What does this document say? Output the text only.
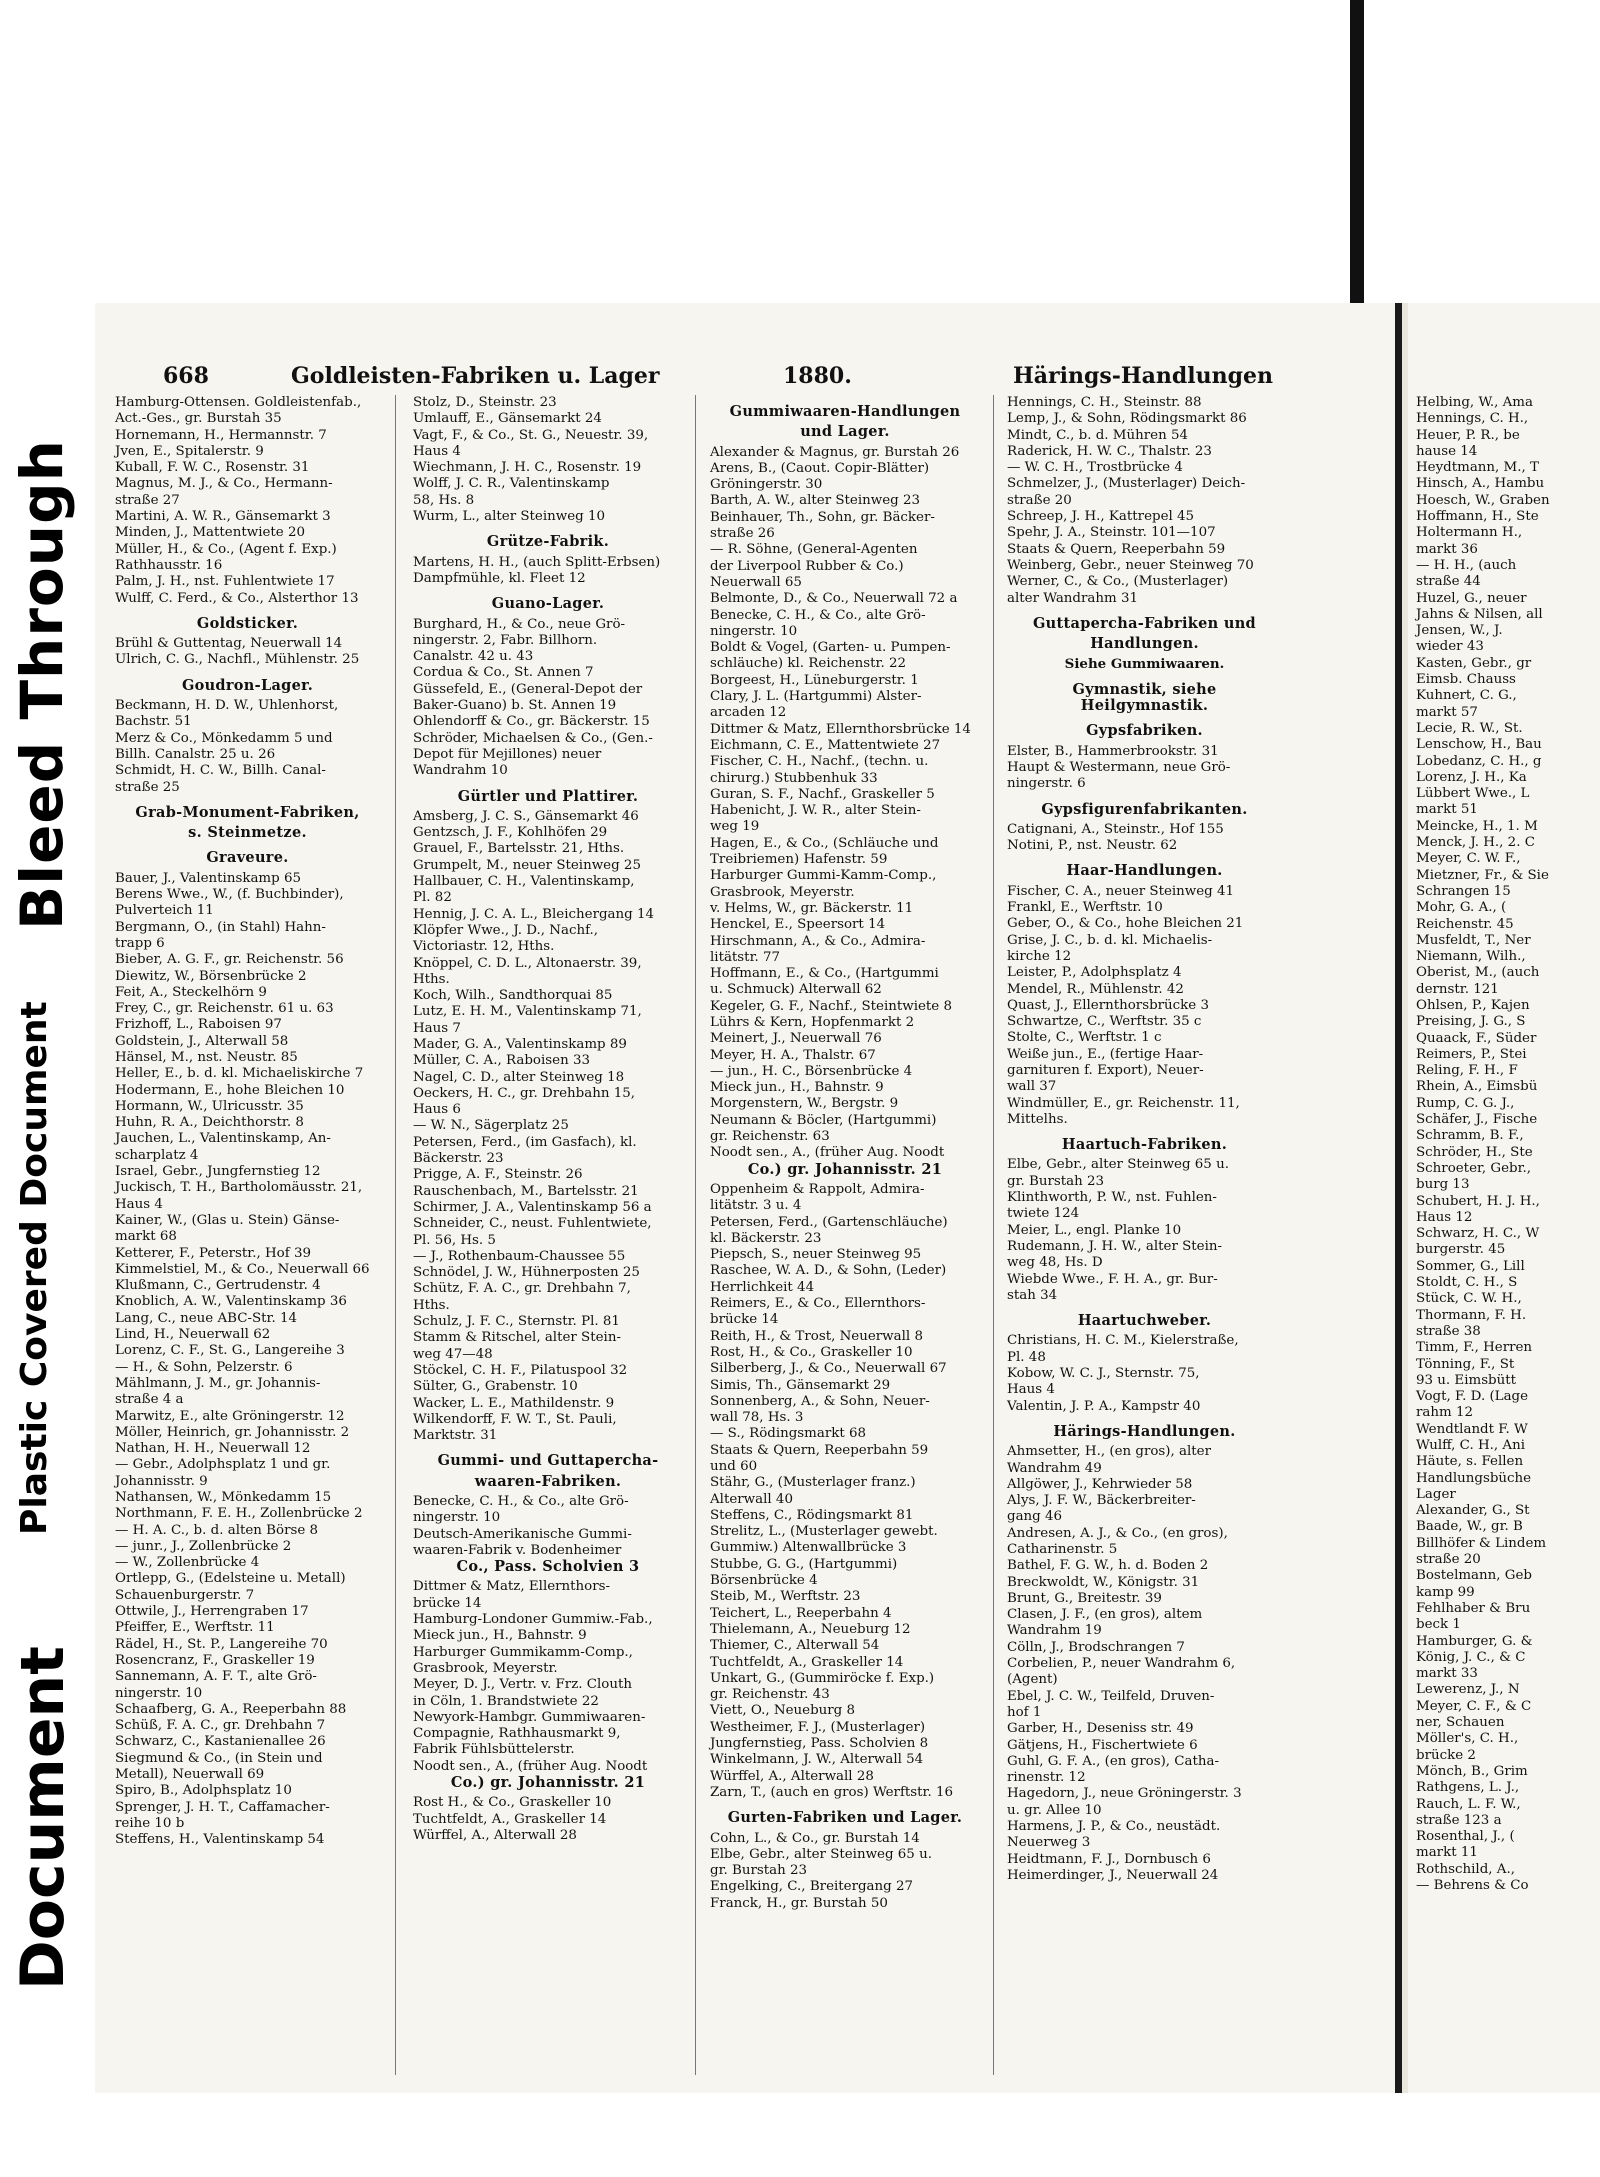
Bleed Through
Plastic Covered Document
Document
668	Goldleisten-Fabriken u. Lager	1880.	Härings-Handlungen
Hamburg-Ottensen. Goldleistenfab.,
Act.-Ges., gr. Burstah 35
Hornemann, H., Hermannstr. 7
Jven, E., Spitalerstr. 9
Kuball, F. W. C., Rosenstr. 31
Magnus, M. J., & Co., Hermann-
straße 27
Martini, A. W. R., Gänsemarkt 3
Minden, J., Mattentwiete 20
Müller, H., & Co., (Agent f. Exp.)
Rathhausstr. 16
Palm, J. H., nst. Fuhlentwiete 17
Wulff, C. Ferd., & Co., Alsterthor 13
Goldsticker.
Brühl & Guttentag, Neuerwall 14
Ulrich, C. G., Nachfl., Mühlenstr. 25
Goudron-Lager.
Beckmann, H. D. W., Uhlenhorst,
Bachstr. 51
Merz & Co., Mönkedamm 5 und
Billh. Canalstr. 25 u. 26
Schmidt, H. C. W., Billh. Canal-
straße 25
Grab-Monument-Fabriken,
s. Steinmetze.
Graveure.
Bauer, J., Valentinskamp 65
Berens Wwe., W., (f. Buchbinder),
Pulverteich 11
Bergmann, O., (in Stahl) Hahn-
trapp 6
Bieber, A. G. F., gr. Reichenstr. 56
Diewitz, W., Börsenbrücke 2
Feit, A., Steckelhörn 9
Frey, C., gr. Reichenstr. 61 u. 63
Frizhoff, L., Raboisen 97
Goldstein, J., Alterwall 58
Hänsel, M., nst. Neustr. 85
Heller, E., b. d. kl. Michaeliskirche 7
Hodermann, E., hohe Bleichen 10
Hormann, W., Ulricusstr. 35
Huhn, R. A., Deichthorstr. 8
Jauchen, L., Valentinskamp, An-
scharplatz 4
Israel, Gebr., Jungfernstieg 12
Juckisch, T. H., Bartholomäusstr. 21,
Haus 4
Kainer, W., (Glas u. Stein) Gänse-
markt 68
Ketterer, F., Peterstr., Hof 39
Kimmelstiel, M., & Co., Neuerwall 66
Klußmann, C., Gertrudenstr. 4
Knoblich, A. W., Valentinskamp 36
Lang, C., neue ABC-Str. 14
Lind, H., Neuerwall 62
Lorenz, C. F., St. G., Langereihe 3
— H., & Sohn, Pelzerstr. 6
Mählmann, J. M., gr. Johannis-
straße 4 a
Marwitz, E., alte Gröningerstr. 12
Möller, Heinrich, gr. Johannisstr. 2
Nathan, H. H., Neuerwall 12
— Gebr., Adolphsplatz 1 und gr.
Johannisstr. 9
Nathansen, W., Mönkedamm 15
Northmann, F. E. H., Zollenbrücke 2
— H. A. C., b. d. alten Börse 8
— junr., J., Zollenbrücke 2
— W., Zollenbrücke 4
Ortlepp, G., (Edelsteine u. Metall)
Schauenburgerstr. 7
Ottwile, J., Herrengraben 17
Pfeiffer, E., Werftstr. 11
Rädel, H., St. P., Langereihe 70
Rosencranz, F., Graskeller 19
Sannemann, A. F. T., alte Grö-
ningerstr. 10
Schaafberg, G. A., Reeperbahn 88
Schüß, F. A. C., gr. Drehbahn 7
Schwarz, C., Kastanienallee 26
Siegmund & Co., (in Stein und
Metall), Neuerwall 69
Spiro, B., Adolphsplatz 10
Sprenger, J. H. T., Caffamacher-
reihe 10 b
Steffens, H., Valentinskamp 54
Stolz, D., Steinstr. 23
Umlauff, E., Gänsemarkt 24
Vagt, F., & Co., St. G., Neuestr. 39,
Haus 4
Wiechmann, J. H. C., Rosenstr. 19
Wolff, J. C. R., Valentinskamp
58, Hs. 8
Wurm, L., alter Steinweg 10
Grütze-Fabrik.
Martens, H. H., (auch Splitt-Erbsen)
Dampfmühle, kl. Fleet 12
Guano-Lager.
Burghard, H., & Co., neue Grö-
ningerstr. 2, Fabr. Billhorn.
Canalstr. 42 u. 43
Cordua & Co., St. Annen 7
Güssefeld, E., (General-Depot der
Baker-Guano) b. St. Annen 19
Ohlendorff & Co., gr. Bäckerstr. 15
Schröder, Michaelsen & Co., (Gen.-
Depot für Mejillones) neuer
Wandrahm 10
Gürtler und Plattirer.
Amsberg, J. C. S., Gänsemarkt 46
Gentzsch, J. F., Kohlhöfen 29
Grauel, F., Bartelsstr. 21, Hths.
Grumpelt, M., neuer Steinweg 25
Hallbauer, C. H., Valentinskamp,
Pl. 82
Hennig, J. C. A. L., Bleichergang 14
Klöpfer Wwe., J. D., Nachf.,
Victoriastr. 12, Hths.
Knöppel, C. D. L., Altonaerstr. 39,
Hths.
Koch, Wilh., Sandthorquai 85
Lutz, E. H. M., Valentinskamp 71,
Haus 7
Mader, G. A., Valentinskamp 89
Müller, C. A., Raboisen 33
Nagel, C. D., alter Steinweg 18
Oeckers, H. C., gr. Drehbahn 15,
Haus 6
— W. N., Sägerplatz 25
Petersen, Ferd., (im Gasfach), kl.
Bäckerstr. 23
Prigge, A. F., Steinstr. 26
Rauschenbach, M., Bartelsstr. 21
Schirmer, J. A., Valentinskamp 56 a
Schneider, C., neust. Fuhlentwiete,
Pl. 56, Hs. 5
— J., Rothenbaum-Chaussee 55
Schnödel, J. W., Hühnerposten 25
Schütz, F. A. C., gr. Drehbahn 7,
Hths.
Schulz, J. F. C., Sternstr. Pl. 81
Stamm & Ritschel, alter Stein-
weg 47—48
Stöckel, C. H. F., Pilatuspool 32
Sülter, G., Grabenstr. 10
Wacker, L. E., Mathildenstr. 9
Wilkendorff, F. W. T., St. Pauli,
Marktstr. 31
Gummi- und Guttapercha-
waaren-Fabriken.
Benecke, C. H., & Co., alte Grö-
ningerstr. 10
Deutsch-Amerikanische Gummi-
waaren-Fabrik v. Bodenheimer
Co., Pass. Scholvien 3
Dittmer & Matz, Ellernthors-
brücke 14
Hamburg-Londoner Gummiw.-Fab.,
Mieck jun., H., Bahnstr. 9
Harburger Gummikamm-Comp.,
Grasbrook, Meyerstr.
Meyer, D. J., Vertr. v. Frz. Clouth
in Cöln, 1. Brandstwiete 22
Newyork-Hambgr. Gummiwaaren-
Compagnie, Rathhausmarkt 9,
Fabrik Fühlsbüttelerstr.
Noodt sen., A., (früher Aug. Noodt
Co.) gr. Johannisstr. 21
Rost H., & Co., Graskeller 10
Tuchtfeldt, A., Graskeller 14
Würffel, A., Alterwall 28
Gummiwaaren-Handlungen
und Lager.
Alexander & Magnus, gr. Burstah 26
Arens, B., (Caout. Copir-Blätter)
Gröningerstr. 30
Barth, A. W., alter Steinweg 23
Beinhauer, Th., Sohn, gr. Bäcker-
straße 26
— R. Söhne, (General-Agenten
der Liverpool Rubber & Co.)
Neuerwall 65
Belmonte, D., & Co., Neuerwall 72 a
Benecke, C. H., & Co., alte Grö-
ningerstr. 10
Boldt & Vogel, (Garten- u. Pumpen-
schläuche) kl. Reichenstr. 22
Borgeest, H., Lüneburgerstr. 1
Clary, J. L. (Hartgummi) Alster-
arcaden 12
Dittmer & Matz, Ellernthorsbrücke 14
Eichmann, C. E., Mattentwiete 27
Fischer, C. H., Nachf., (techn. u.
chirurg.) Stubbenhuk 33
Guran, S. F., Nachf., Graskeller 5
Habenicht, J. W. R., alter Stein-
weg 19
Hagen, E., & Co., (Schläuche und
Treibriemen) Hafenstr. 59
Harburger Gummi-Kamm-Comp.,
Grasbrook, Meyerstr.
v. Helms, W., gr. Bäckerstr. 11
Henckel, E., Speersort 14
Hirschmann, A., & Co., Admira-
litätstr. 77
Hoffmann, E., & Co., (Hartgummi
u. Schmuck) Alterwall 62
Kegeler, G. F., Nachf., Steintwiete 8
Lührs & Kern, Hopfenmarkt 2
Meinert, J., Neuerwall 76
Meyer, H. A., Thalstr. 67
— jun., H. C., Börsenbrücke 4
Mieck jun., H., Bahnstr. 9
Morgenstern, W., Bergstr. 9
Neumann & Böcler, (Hartgummi)
gr. Reichenstr. 63
Noodt sen., A., (früher Aug. Noodt
Co.) gr. Johannisstr. 21
Oppenheim & Rappolt, Admira-
litätstr. 3 u. 4
Petersen, Ferd., (Gartenschläuche)
kl. Bäckerstr. 23
Piepsch, S., neuer Steinweg 95
Raschee, W. A. D., & Sohn, (Leder)
Herrlichkeit 44
Reimers, E., & Co., Ellernthors-
brücke 14
Reith, H., & Trost, Neuerwall 8
Rost, H., & Co., Graskeller 10
Silberberg, J., & Co., Neuerwall 67
Simis, Th., Gänsemarkt 29
Sonnenberg, A., & Sohn, Neuer-
wall 78, Hs. 3
— S., Rödingsmarkt 68
Staats & Quern, Reeperbahn 59
und 60
Stähr, G., (Musterlager franz.)
Alterwall 40
Steffens, C., Rödingsmarkt 81
Strelitz, L., (Musterlager gewebt.
Gummiw.) Altenwallbrücke 3
Stubbe, G. G., (Hartgummi)
Börsenbrücke 4
Steib, M., Werftstr. 23
Teichert, L., Reeperbahn 4
Thielemann, A., Neueburg 12
Thiemer, C., Alterwall 54
Tuchtfeldt, A., Graskeller 14
Unkart, G., (Gummiröcke f. Exp.)
gr. Reichenstr. 43
Viett, O., Neueburg 8
Westheimer, F. J., (Musterlager)
Jungfernstieg, Pass. Scholvien 8
Winkelmann, J. W., Alterwall 54
Würffel, A., Alterwall 28
Zarn, T., (auch en gros) Werftstr. 16
Gurten-Fabriken und Lager.
Cohn, L., & Co., gr. Burstah 14
Elbe, Gebr., alter Steinweg 65 u.
gr. Burstah 23
Engelking, C., Breitergang 27
Franck, H., gr. Burstah 50
Hennings, C. H., Steinstr. 88
Lemp, J., & Sohn, Rödingsmarkt 86
Mindt, C., b. d. Mühren 54
Raderick, H. W. C., Thalstr. 23
— W. C. H., Trostbrücke 4
Schmelzer, J., (Musterlager) Deich-
straße 20
Schreep, J. H., Kattrepel 45
Spehr, J. A., Steinstr. 101—107
Staats & Quern, Reeperbahn 59
Weinberg, Gebr., neuer Steinweg 70
Werner, C., & Co., (Musterlager)
alter Wandrahm 31
Guttapercha-Fabriken und
Handlungen.
Siehe Gummiwaaren.
Gymnastik, siehe Heilgymnastik.
Gypsfabriken.
Elster, B., Hammerbrookstr. 31
Haupt & Westermann, neue Grö-
ningerstr. 6
Gypsfigurenfabrikanten.
Catignani, A., Steinstr., Hof 155
Notini, P., nst. Neustr. 62
Haar-Handlungen.
Fischer, C. A., neuer Steinweg 41
Frankl, E., Werftstr. 10
Geber, O., & Co., hohe Bleichen 21
Grise, J. C., b. d. kl. Michaelis-
kirche 12
Leister, P., Adolphsplatz 4
Mendel, R., Mühlenstr. 42
Quast, J., Ellernthorsbrücke 3
Schwartze, C., Werftstr. 35 c
Stolte, C., Werftstr. 1 c
Weiße jun., E., (fertige Haar-
garnituren f. Export), Neuer-
wall 37
Windmüller, E., gr. Reichenstr. 11,
Mittelhs.
Haartuch-Fabriken.
Elbe, Gebr., alter Steinweg 65 u.
gr. Burstah 23
Klinthworth, P. W., nst. Fuhlen-
twiete 124
Meier, L., engl. Planke 10
Rudemann, J. H. W., alter Stein-
weg 48, Hs. D
Wiebde Wwe., F. H. A., gr. Bur-
stah 34
Haartuchweber.
Christians, H. C. M., Kielerstraße,
Pl. 48
Kobow, W. C. J., Sternstr. 75,
Haus 4
Valentin, J. P. A., Kampstr 40
Härings-Handlungen.
Ahmsetter, H., (en gros), alter
Wandrahm 49
Allgöwer, J., Kehrwieder 58
Alys, J. F. W., Bäckerbreiter-
gang 46
Andresen, A. J., & Co., (en gros),
Catharinenstr. 5
Bathel, F. G. W., h. d. Boden 2
Breckwoldt, W., Königstr. 31
Brunt, G., Breitestr. 39
Clasen, J. F., (en gros), altem
Wandrahm 19
Cölln, J., Brodschrangen 7
Corbelien, P., neuer Wandrahm 6,
(Agent)
Ebel, J. C. W., Teilfeld, Druven-
hof 1
Garber, H., Deseniss str. 49
Gätjens, H., Fischertwiete 6
Guhl, G. F. A., (en gros), Catha-
rinenstr. 12
Hagedorn, J., neue Gröningerstr. 3
u. gr. Allee 10
Harmens, J. P., & Co., neustädt.
Neuerweg 3
Heidtmann, F. J., Dornbusch 6
Heimerdinger, J., Neuerwall 24
Helbing, W., Ama
Hennings, C. H.,
Heuer, P. R., be
hause 14
Heydtmann, M., T
Hinsch, A., Hambu
Hoesch, W., Graben
Hoffmann, H., Ste
Holtermann H.,
markt 36
— H. H., (auch
straße 44
Huzel, G., neuer
Jahns & Nilsen, all
Jensen, W., J.
wieder 43
Kasten, Gebr., gr
Eimsb. Chauss
Kuhnert, C. G.,
markt 57
Lecie, R. W., St.
Lenschow, H., Bau
Lobedanz, C. H., g
Lorenz, J. H., Ka
Lübbert Wwe., L
markt 51
Meincke, H., 1. M
Menck, J. H., 2. C
Meyer, C. W. F.,
Mietzner, Fr., & Sie
Schrangen 15
Mohr, G. A., (
Reichenstr. 45
Musfeldt, T., Ner
Niemann, Wilh.,
Oberist, M., (auch
dernstr. 121
Ohlsen, P., Kajen
Preising, J. G., S
Quaack, F., Süder
Reimers, P., Stei
Reling, F. H., F
Rhein, A., Eimsbü
Rump, C. G. J.,
Schäfer, J., Fische
Schramm, B. F.,
Schröder, H., Ste
Schroeter, Gebr.,
burg 13
Schubert, H. J. H.,
Haus 12
Schwarz, H. C., W
burgerstr. 45
Sommer, G., Lill
Stoldt, C. H., S
Stück, C. W. H.,
Thormann, F. H.
straße 38
Timm, F., Herren
Tönning, F., St
93 u. Eimsbütt
Vogt, F. D. (Lage
rahm 12
Wendtlandt F. W
Wulff, C. H., Ani
Häute, s. Fellen
Handlungsbüche
Lager
Alexander, G., St
Baade, W., gr. B
Billhöfer & Lindem
straße 20
Bostelmann, Geb
kamp 99
Fehlhaber & Bru
beck 1
Hamburger, G. &
König, J. C., & C
markt 33
Lewerenz, J., N
Meyer, C. F., & C
ner, Schauen
Möller's, C. H.,
brücke 2
Mönch, B., Grim
Rathgens, L. J.,
Rauch, L. F. W.,
straße 123 a
Rosenthal, J., (
markt 11
Rothschild, A.,
— Behrens & Co
